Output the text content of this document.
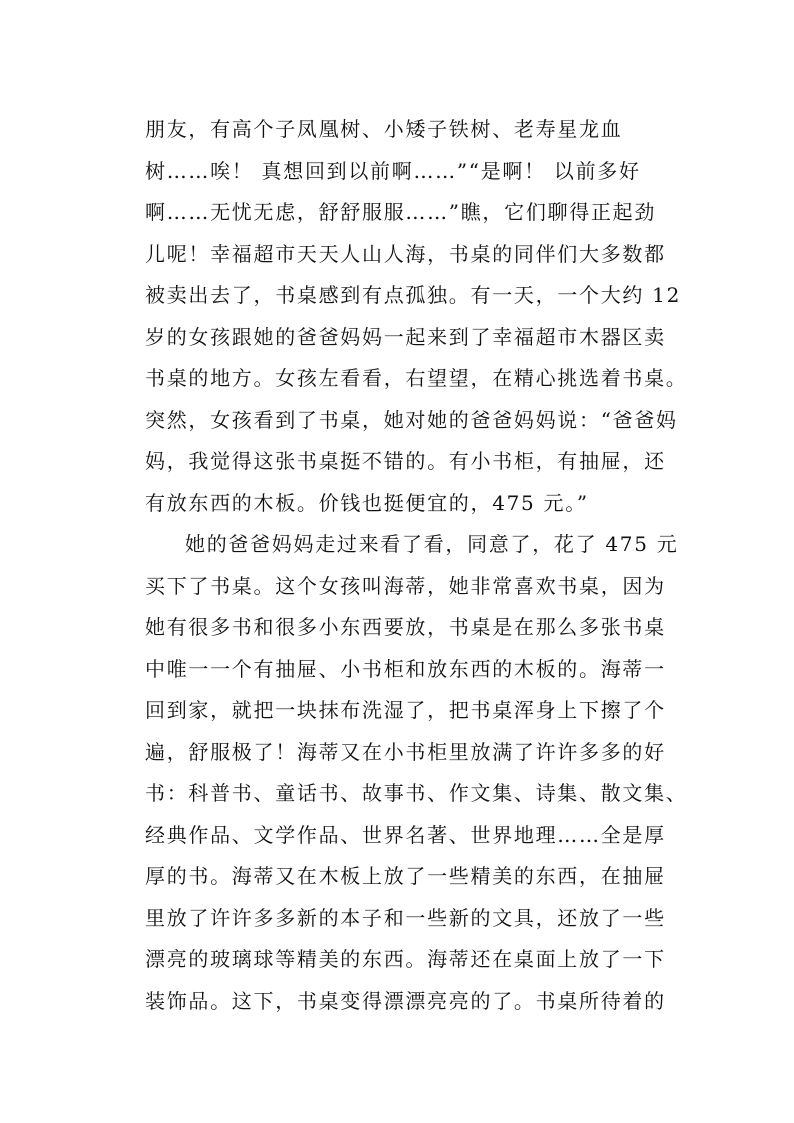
朋友，有高个子凤凰树、小矮子铁树、老寿星龙血
树……唉！ 真想回到以前啊……”“是啊！ 以前多好
啊……无忧无虑，舒舒服服……”瞧，它们聊得正起劲
儿呢！幸福超市天天人山人海，书桌的同伴们大多数都
被卖出去了，书桌感到有点孤独。有一天，一个大约 12
岁的女孩跟她的爸爸妈妈一起来到了幸福超市木器区卖
书桌的地方。女孩左看看，右望望，在精心挑选着书桌。
突然，女孩看到了书桌，她对她的爸爸妈妈说：“爸爸妈
妈，我觉得这张书桌挺不错的。有小书柜，有抽屉，还
有放东西的木板。价钱也挺便宜的，475 元。”
她的爸爸妈妈走过来看了看，同意了，花了 475 元
买下了书桌。这个女孩叫海蒂，她非常喜欢书桌，因为
她有很多书和很多小东西要放，书桌是在那么多张书桌
中唯一一个有抽屉、小书柜和放东西的木板的。海蒂一
回到家，就把一块抹布洗湿了，把书桌浑身上下擦了个
遍，舒服极了！海蒂又在小书柜里放满了许许多多的好
书：科普书、童话书、故事书、作文集、诗集、散文集、
经典作品、文学作品、世界名著、世界地理……全是厚
厚的书。海蒂又在木板上放了一些精美的东西，在抽屉
里放了许许多多新的本子和一些新的文具，还放了一些
漂亮的玻璃球等精美的东西。海蒂还在桌面上放了一下
装饰品。这下，书桌变得漂漂亮亮的了。书桌所待着的
